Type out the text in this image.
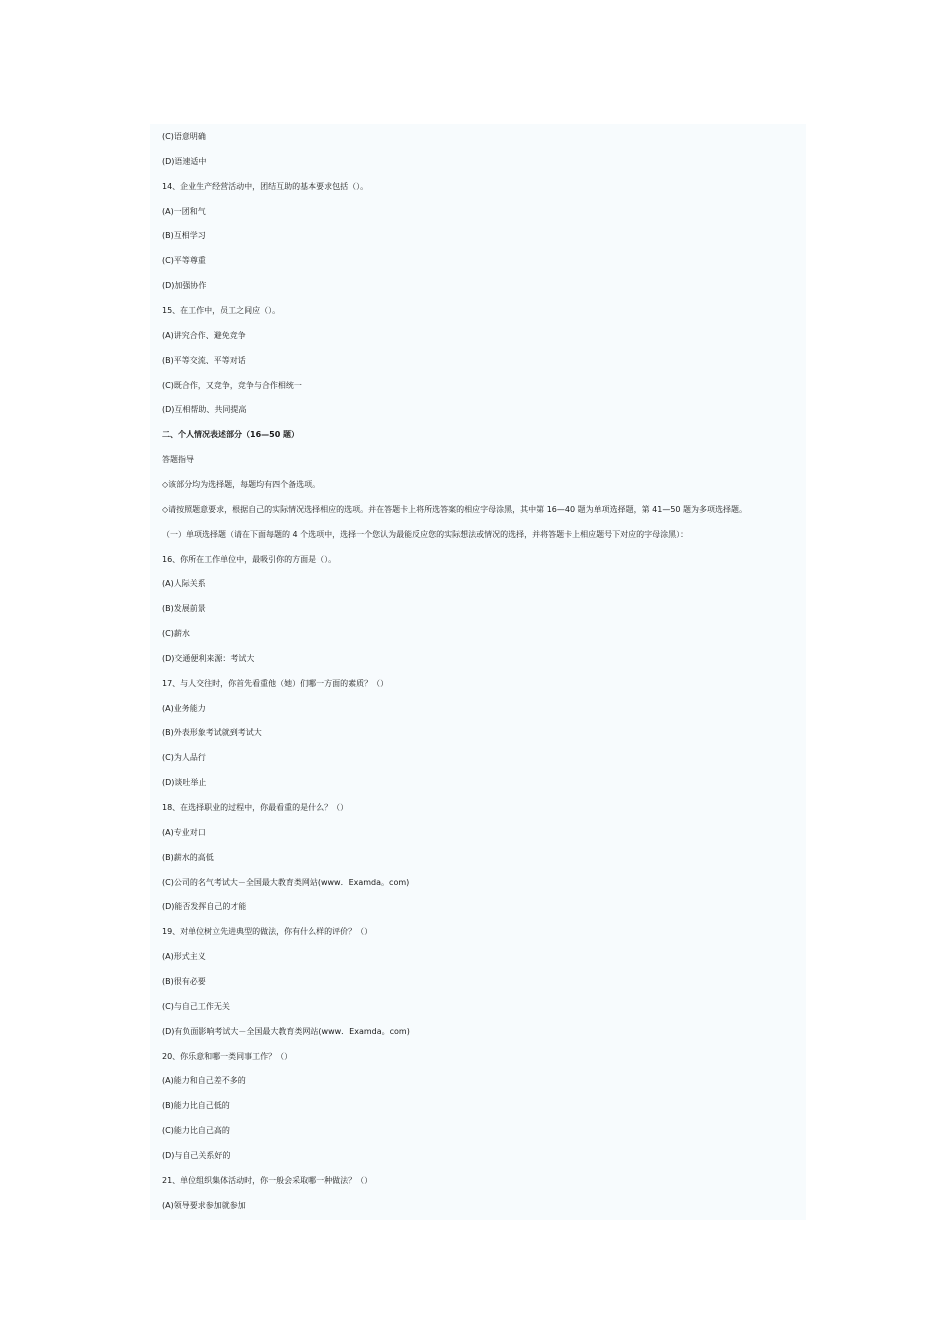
(C)语意明确
(D)语速适中
14、企业生产经营活动中，团结互助的基本要求包括（）。
(A)一团和气
(B)互相学习
(C)平等尊重
(D)加强协作
15、在工作中，员工之间应（）。
(A)讲究合作、避免竞争
(B)平等交流、平等对话
(C)既合作，又竞争，竞争与合作相统一
(D)互相帮助、共同提高
二、个人情况表述部分（16—50 题）
答题指导
◇该部分均为选择题，每题均有四个备选项。
◇请按照题意要求，根据自己的实际情况选择相应的选项。并在答题卡上将所选答案的相应字母涂黑，其中第 16—40 题为单项选择题，第 41—50 题为多项选择题。
（一）单项选择题（请在下面每题的 4 个选项中，选择一个您认为最能反应您的实际想法或情况的选择，并将答题卡上相应题号下对应的字母涂黑）：
16、你所在工作单位中，最吸引你的方面是（）。
(A)人际关系
(B)发展前景
(C)薪水
(D)交通便利来源：考试大
17、与人交往时，你首先看重他（她）们哪一方面的素质？（）
(A)业务能力
(B)外表形象考试就到考试大
(C)为人品行
(D)谈吐举止
18、在选择职业的过程中，你最看重的是什么？（）
(A)专业对口
(B)薪水的高低
(C)公司的名气考试大－全国最大教育类网站(www．Examda。com)
(D)能否发挥自己的才能
19、对单位树立先进典型的做法，你有什么样的评价？（）
(A)形式主义
(B)很有必要
(C)与自己工作无关
(D)有负面影响考试大－全国最大教育类网站(www．Examda。com)
20、你乐意和哪一类同事工作？（）
(A)能力和自己差不多的
(B)能力比自己低的
(C)能力比自己高的
(D)与自己关系好的
21、单位组织集体活动时，你一般会采取哪一种做法？（）
(A)领导要求参加就参加
